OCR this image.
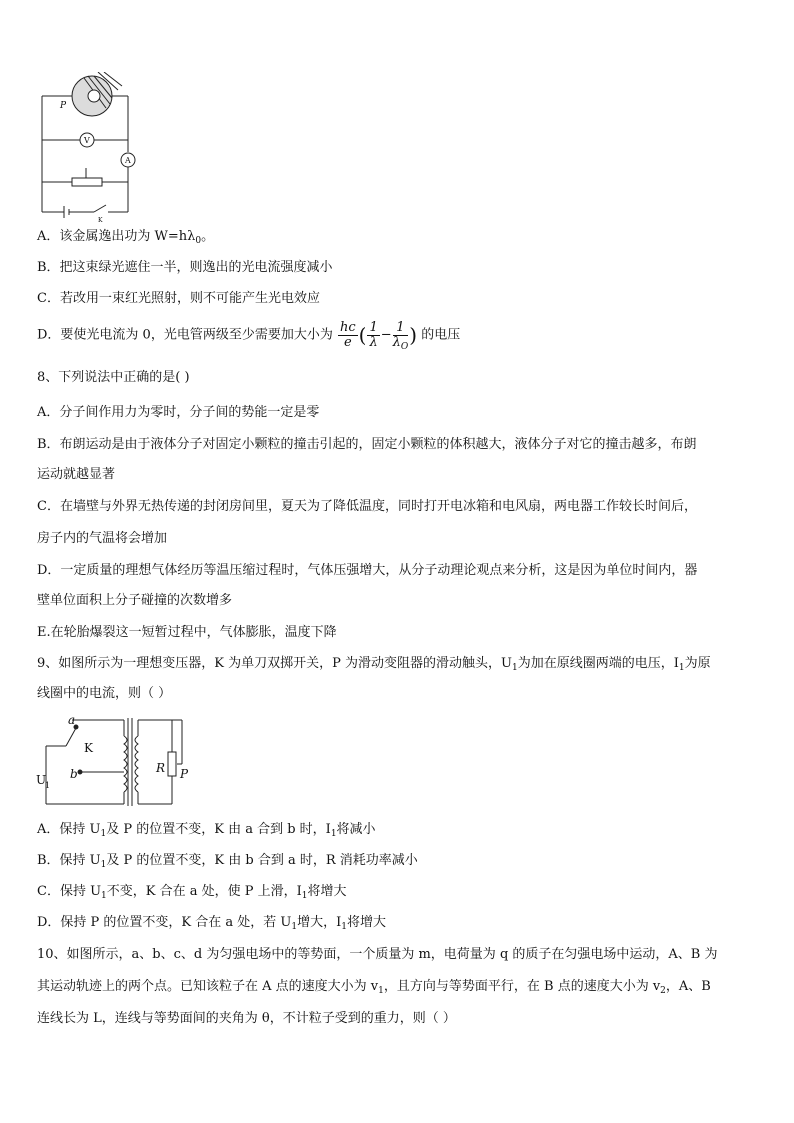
P
V
A
K
A．该金属逸出功为 $W=h\lambda_0$。
B．把这束绿光遮住一半，则逸出的光电流强度减小
C．若改用一束红光照射，则不可能产生光电效应
D．要使光电流为 0，光电管两级至少需要加大小为 $\frac{hc}{e}$ ( $\frac{1}{\lambda} - \frac{1}{\lambda_O}$ ) 的电压
8、下列说法中正确的是( )
A．分子间作用力为零时，分子间的势能一定是零
B．布朗运动是由于液体分子对固定小颗粒的撞击引起的，固定小颗粒的体积越大，液体分子对它的撞击越多，布朗
运动就越显著
C．在墙壁与外界无热传递的封闭房间里，夏天为了降低温度，同时打开电冰箱和电风扇，两电器工作较长时间后，
房子内的气温将会增加
D．一定质量的理想气体经历等温压缩过程时，气体压强增大，从分子动理论观点来分析，这是因为单位时间内，器
壁单位面积上分子碰撞的次数增多
E.在轮胎爆裂这一短暂过程中，气体膨胀，温度下降
9、如图所示为一理想变压器，K 为单刀双掷开关，P 为滑动变阻器的滑动触头，$U_1$为加在原线圈两端的电压，$I_1$为原
线圈中的电流，则（ ）
a
K
b
U
1
R P
A．保持 $U_1$及 P 的位置不变，K 由 a 合到 b 时，$I_1$将减小
B．保持 $U_1$及 P 的位置不变，K 由 b 合到 a 时，R 消耗功率减小
C．保持 $U_1$不变，K 合在 a 处，使 P 上滑，$I_1$将增大
D．保持 P 的位置不变，K 合在 a 处，若 $U_1$增大，$I_1$将增大
10、如图所示，a、b、c、d 为匀强电场中的等势面，一个质量为 m，电荷量为 q 的质子在匀强电场中运动，A、B 为
其运动轨迹上的两个点。已知该粒子在 A 点的速度大小为 $v_1$，且方向与等势面平行，在 B 点的速度大小为 $v_2$，A、B
连线长为 L，连线与等势面间的夹角为 θ，不计粒子受到的重力，则（ ）
